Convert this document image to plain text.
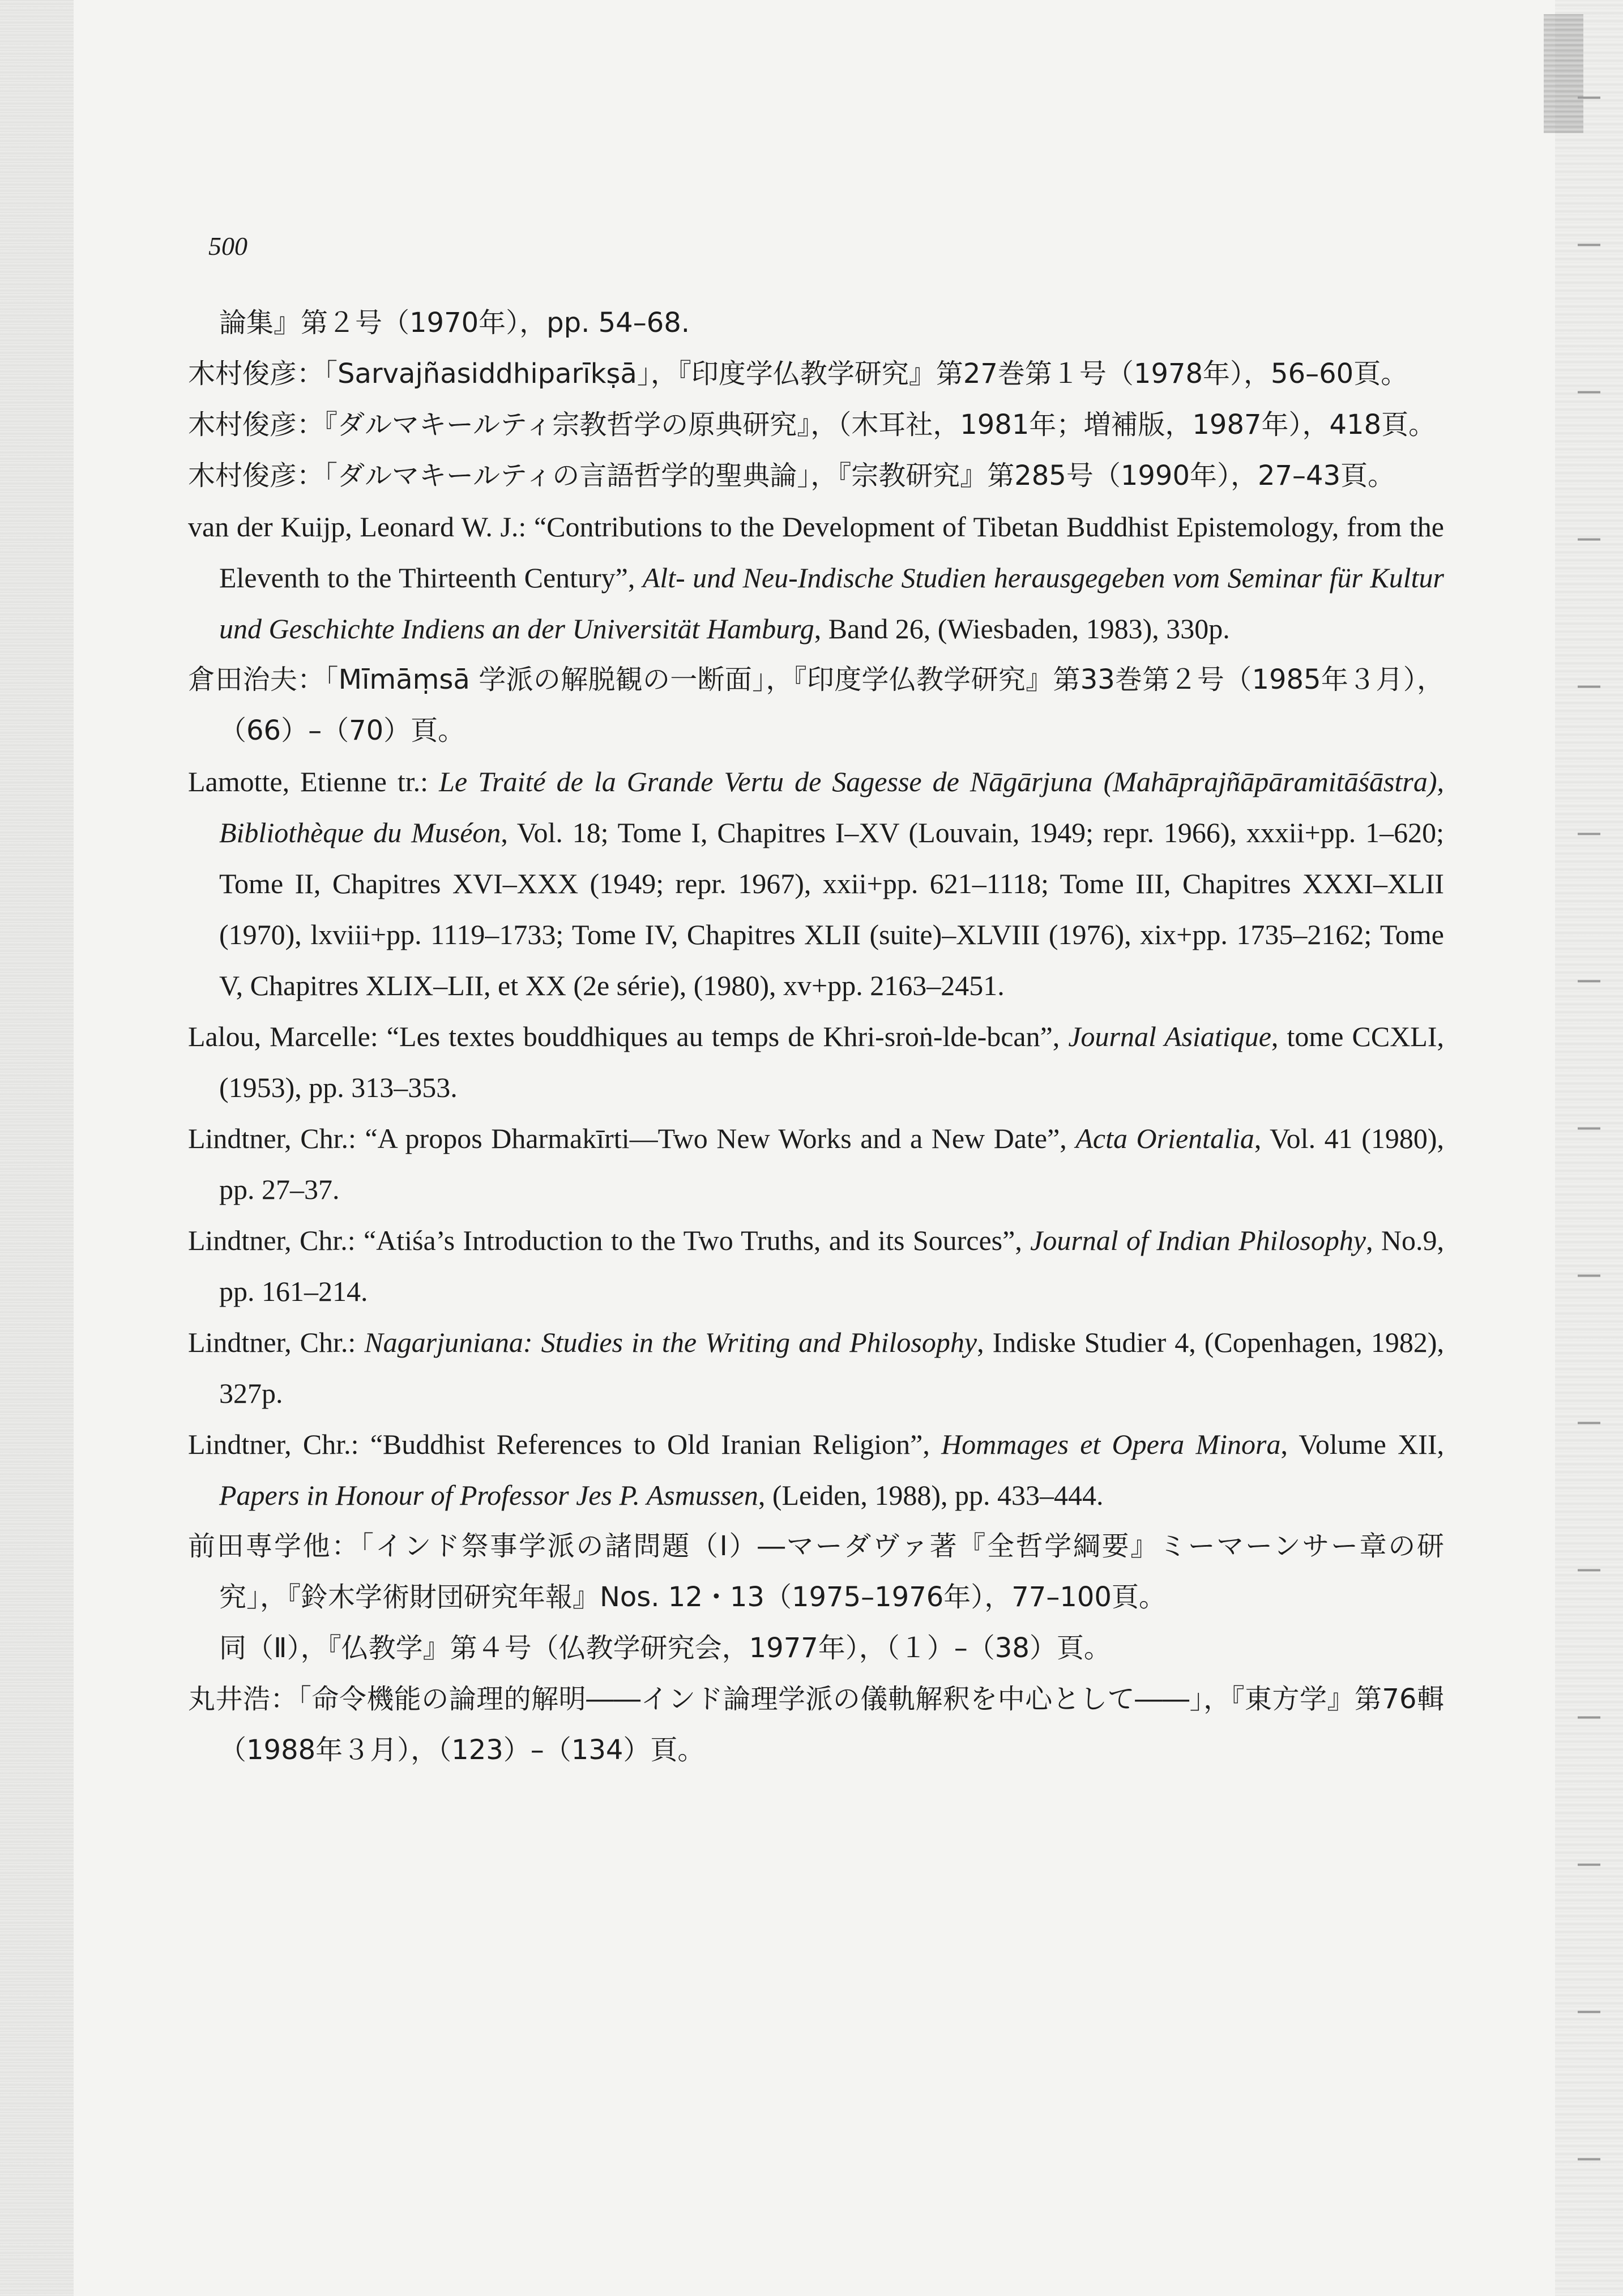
500

論集』第２号（1970年），pp. 54–68.

木村俊彦：「Sarvajñasiddhiparīkṣā」，『印度学仏教学研究』第27巻第１号（1978年），56–60頁。

木村俊彦：『ダルマキールティ宗教哲学の原典研究』，（木耳社，1981年；増補版，1987年），418頁。

木村俊彦：「ダルマキールティの言語哲学的聖典論」，『宗教研究』第285号（1990年），27–43頁。

van der Kuijp, Leonard W. J.: “Contributions to the Development of Tibetan Buddhist Epistemology, from the Eleventh to the Thirteenth Century”, Alt- und Neu-Indische Studien herausgegeben vom Seminar für Kultur und Geschichte Indiens an der Universität Hamburg, Band 26, (Wiesbaden, 1983), 330p.

倉田治夫：「Mīmāṃsā 学派の解脱観の一断面」，『印度学仏教学研究』第33巻第２号（1985年３月），（66）–（70）頁。

Lamotte, Etienne tr.: Le Traité de la Grande Vertu de Sagesse de Nāgārjuna (Mahāprajñāpāramitāśāstra), Bibliothèque du Muséon, Vol. 18; Tome I, Chapitres I–XV (Louvain, 1949; repr. 1966), xxxii+pp. 1–620; Tome II, Chapitres XVI–XXX (1949; repr. 1967), xxii+pp. 621–1118; Tome III, Chapitres XXXI–XLII (1970), lxviii+pp. 1119–1733; Tome IV, Chapitres XLII (suite)–XLVIII (1976), xix+pp. 1735–2162; Tome V, Chapitres XLIX–LII, et XX (2e série), (1980), xv+pp. 2163–2451.

Lalou, Marcelle: “Les textes bouddhiques au temps de Khri-sroṅ-lde-bcan”, Journal Asiatique, tome CCXLI, (1953), pp. 313–353.

Lindtner, Chr.: “A propos Dharmakīrti—Two New Works and a New Date”, Acta Orientalia, Vol. 41 (1980), pp. 27–37.

Lindtner, Chr.: “Atiśa’s Introduction to the Two Truths, and its Sources”, Journal of Indian Philosophy, No.9, pp. 161–214.

Lindtner, Chr.: Nagarjuniana: Studies in the Writing and Philosophy, Indiske Studier 4, (Copenhagen, 1982), 327p.

Lindtner, Chr.: “Buddhist References to Old Iranian Religion”, Hommages et Opera Minora, Volume XII, Papers in Honour of Professor Jes P. Asmussen, (Leiden, 1988), pp. 433–444.

前田専学他：「インド祭事学派の諸問題（Ⅰ）―マーダヴァ著『全哲学綱要』ミーマーンサー章の研究」，『鈴木学術財団研究年報』Nos. 12・13（1975–1976年），77–100頁。

同（Ⅱ），『仏教学』第４号（仏教学研究会，1977年），（１）–（38）頁。

丸井浩：「命令機能の論理的解明――インド論理学派の儀軌解釈を中心として――」，『東方学』第76輯（1988年３月），（123）–（134）頁。
